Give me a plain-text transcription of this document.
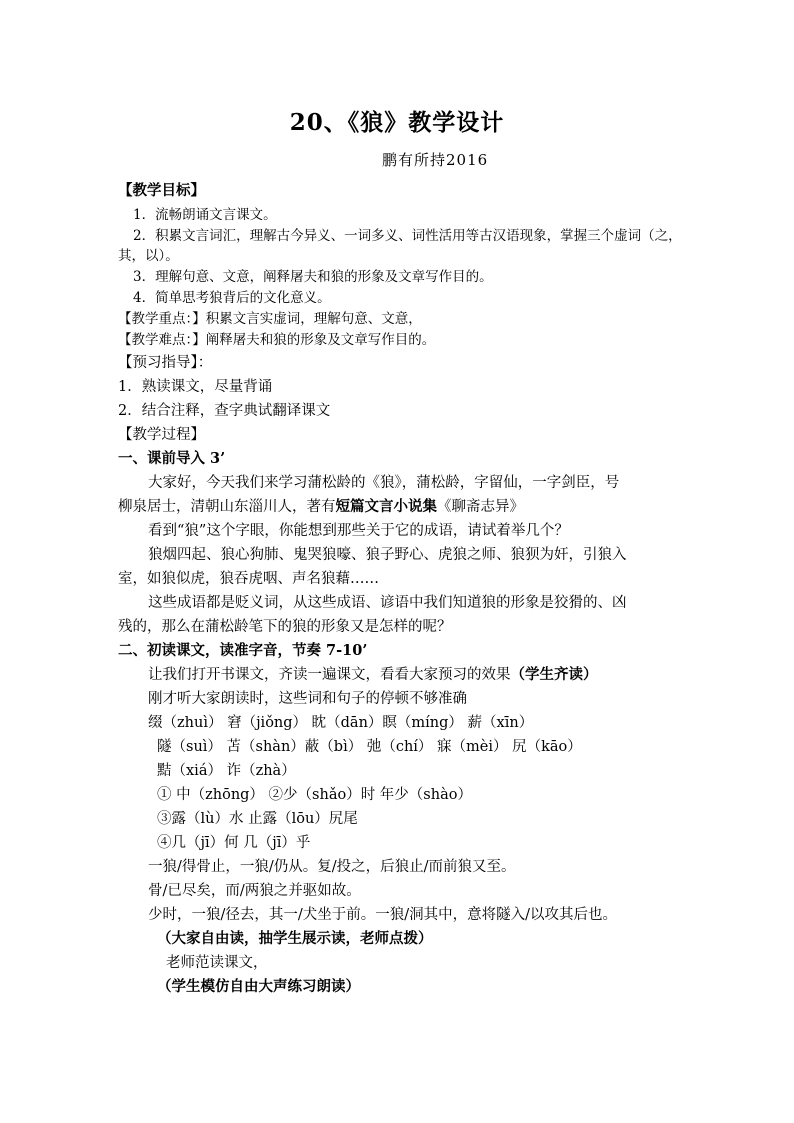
20、《狼》教学设计
鹏有所持2016
【教学目标】
1．流畅朗诵文言课文。
2．积累文言词汇，理解古今异义、一词多义、词性活用等古汉语现象，掌握三个虚词（之，
其，以）。
3．理解句意、文意，阐释屠夫和狼的形象及文章写作目的。
4．简单思考狼背后的文化意义。
【教学重点：】积累文言实虚词，理解句意、文意，
【教学难点：】阐释屠夫和狼的形象及文章写作目的。
【预习指导】：
1．熟读课文，尽量背诵
2．结合注释，查字典试翻译课文
【教学过程】
一、课前导入 3’
大家好，今天我们来学习蒲松龄的《狼》，蒲松龄，字留仙，一字剑臣，号
柳泉居士，清朝山东淄川人，著有短篇文言小说集《聊斋志异》
看到“狼”这个字眼，你能想到那些关于它的成语，请试着举几个？
狼烟四起、狼心狗肺、鬼哭狼嚎、狼子野心、虎狼之师、狼狈为奸，引狼入
室，如狼似虎，狼吞虎咽、声名狼藉……
这些成语都是贬义词，从这些成语、谚语中我们知道狼的形象是狡猾的、凶
残的，那么在蒲松龄笔下的狼的形象又是怎样的呢？
二、初读课文，读准字音，节奏 7-10’
让我们打开书课文，齐读一遍课文，看看大家预习的效果（学生齐读）
刚才听大家朗读时，这些词和句子的停顿不够准确
缀（zhuì） 窘（jiǒng） 眈（dān）瞑（míng） 薪（xīn）
隧（suì） 苫（shàn）蔽（bì） 弛（chí） 寐（mèi） 尻（kāo）
黠（xiá） 诈（zhà）
① 中（zhōng） ②少（shǎo）时 年少（shào）
③露（lù）水 止露（lōu）尻尾
④几（jī）何 几（jī）乎
一狼/得骨止，一狼/仍从。复/投之，后狼止/而前狼又至。
骨/已尽矣，而/两狼之并驱如故。
少时，一狼/径去，其一/犬坐于前。一狼/洞其中，意将隧入/以攻其后也。
（大家自由读，抽学生展示读，老师点拨）
老师范读课文，
（学生模仿自由大声练习朗读）
